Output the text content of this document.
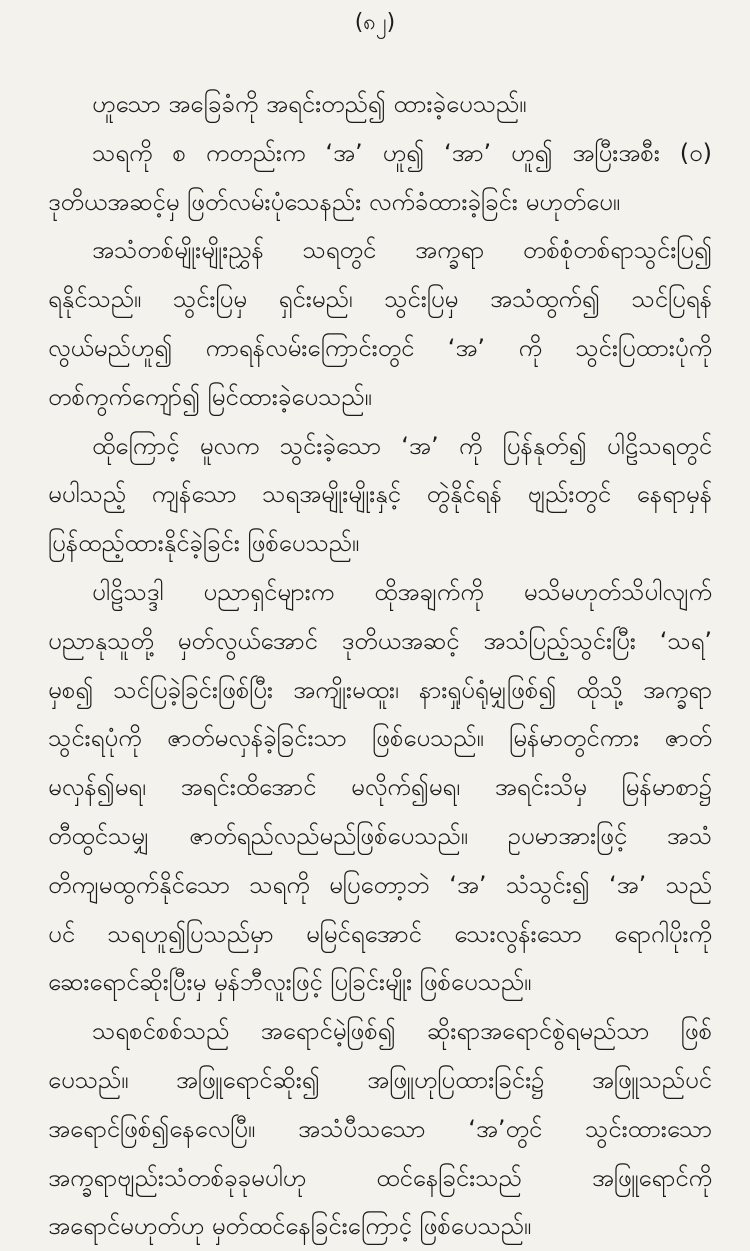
(၈၂)
ဟူသော အခြေခံကို အရင်းတည်၍ ထားခဲ့ပေသည်။
သရကို စ ကတည်းက ‘အ’ ဟူ၍ ‘အာ’ ဟူ၍ အပြီးအစီး (၀)
ဒုတိယအဆင့်မှ ဖြတ်လမ်းပုံသေနည်း လက်ခံထားခဲ့ခြင်း မဟုတ်ပေ။
အသံတစ်မျိုးမျိုးညွှန် သရတွင် အက္ခရာ တစ်စုံတစ်ရာသွင်းပြ၍
ရနိုင်သည်။ သွင်းပြမှ ရှင်းမည်၊ သွင်းပြမှ အသံထွက်၍ သင်ပြရန်
လွယ်မည်ဟူ၍ ကာရန်လမ်းကြောင်းတွင် ‘အ’ ကို သွင်းပြထားပုံကို
တစ်ကွက်ကျော်၍ မြင်ထားခဲ့ပေသည်။
ထိုကြောင့် မူလက သွင်းခဲ့သော ‘အ’ ကို ပြန်နုတ်၍ ပါဠိသရတွင်
မပါသည့် ကျန်သော သရအမျိုးမျိုးနှင့် တွဲနိုင်ရန် ဗျည်းတွင် နေရာမှန်
ပြန်ထည့်ထားနိုင်ခဲ့ခြင်း ဖြစ်ပေသည်။
ပါဠိသဒ္ဒါ ပညာရှင်များက ထိုအချက်ကို မသိမဟုတ်သိပါလျက်
ပညာနုသူတို့ မှတ်လွယ်အောင် ဒုတိယအဆင့် အသံပြည့်သွင်းပြီး ‘သရ’
မှစ၍ သင်ပြခဲ့ခြင်းဖြစ်ပြီး အကျိုးမထူး၊ နားရှုပ်ရုံမျှဖြစ်၍ ထိုသို့ အက္ခရာ
သွင်းရပုံကို ဇာတ်မလှန်ခဲ့ခြင်းသာ ဖြစ်ပေသည်။ မြန်မာတွင်ကား ဇာတ်
မလှန်၍မရ၊ အရင်းထိအောင် မလိုက်၍မရ၊ အရင်းသိမှ မြန်မာစာ၌
တီထွင်သမျှ ဇာတ်ရည်လည်မည်ဖြစ်ပေသည်။ ဥပမာအားဖြင့် အသံ
တိကျမထွက်နိုင်သော သရကို မပြတော့ဘဲ ‘အ’ သံသွင်း၍ ‘အ’ သည်
ပင် သရဟူ၍ပြသည်မှာ မမြင်ရအောင် သေးလွန်းသော ရောဂါပိုးကို
ဆေးရောင်ဆိုးပြီးမှ မှန်ဘီလူးဖြင့် ပြခြင်းမျိုး ဖြစ်ပေသည်။
သရစင်စစ်သည် အရောင်မဲ့ဖြစ်၍ ဆိုးရာအရောင်စွဲရမည်သာ ဖြစ်
ပေသည်။ အဖြူရောင်ဆိုး၍ အဖြူဟုပြထားခြင်း၌ အဖြူသည်ပင်
အရောင်ဖြစ်၍နေလေပြီ။ အသံပီသသော ‘အ’တွင် သွင်းထားသော
အက္ခရာဗျည်းသံတစ်ခုခုမပါဟု ထင်နေခြင်းသည် အဖြူရောင်ကို
အရောင်မဟုတ်ဟု မှတ်ထင်နေခြင်းကြောင့် ဖြစ်ပေသည်။
